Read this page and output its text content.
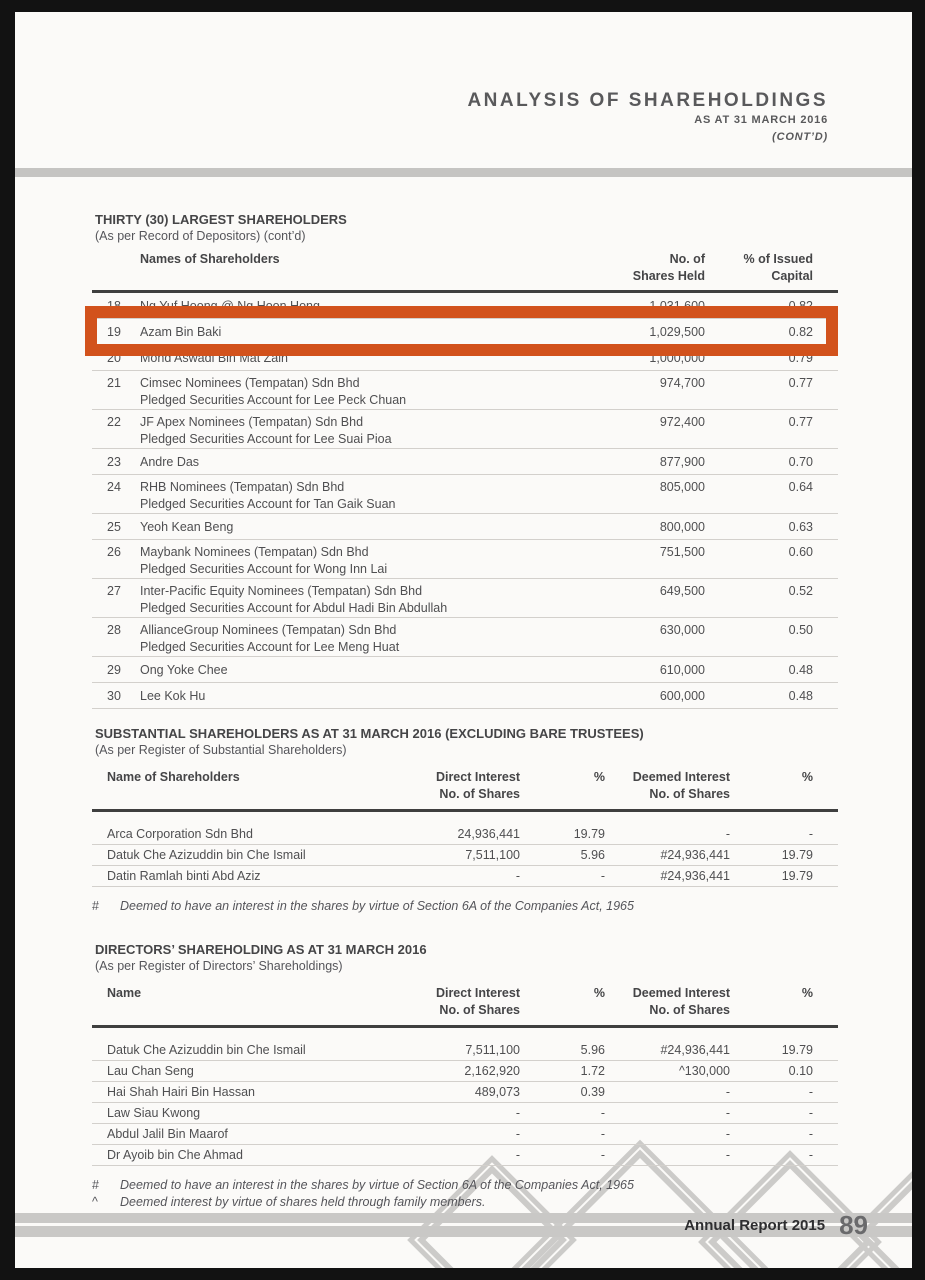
ANALYSIS OF SHAREHOLDINGS
AS AT 31 MARCH 2016
(CONT’D)
THIRTY (30) LARGEST SHAREHOLDERS
(As per Record of Depositors) (cont’d)
Names of Shareholders	No. of
Shares Held
% of Issued
Capital
18	Ng Yuf Hoong @ Ng Hoon Hong	1,031,600	0.82
19	Azam Bin Baki	1,029,500	0.82
20	Mohd Aswadi Bin Mat Zain	1,000,000	0.79
21	Cimsec Nominees (Tempatan) Sdn Bhd
Pledged Securities Account for Lee Peck Chuan
974,700	0.77
22	JF Apex Nominees (Tempatan) Sdn Bhd
Pledged Securities Account for Lee Suai Pioa
972,400	0.77
23	Andre Das	877,900	0.70
24	RHB Nominees (Tempatan) Sdn Bhd
Pledged Securities Account for Tan Gaik Suan
805,000	0.64
25	Yeoh Kean Beng	800,000	0.63
26	Maybank Nominees (Tempatan) Sdn Bhd
Pledged Securities Account for Wong Inn Lai
751,500	0.60
27	Inter-Pacific Equity Nominees (Tempatan) Sdn Bhd
Pledged Securities Account for Abdul Hadi Bin Abdullah
649,500	0.52
28	AllianceGroup Nominees (Tempatan) Sdn Bhd
Pledged Securities Account for Lee Meng Huat
630,000	0.50
29	Ong Yoke Chee	610,000	0.48
30	Lee Kok Hu	600,000	0.48
SUBSTANTIAL SHAREHOLDERS AS AT 31 MARCH 2016 (EXCLUDING BARE TRUSTEES)
(As per Register of Substantial Shareholders)
Name of Shareholders	Direct Interest
No. of Shares
%	Deemed Interest
No. of Shares
%
Arca Corporation Sdn Bhd	24,936,441	19.79	-	-
Datuk Che Azizuddin bin Che Ismail	7,511,100	5.96	#24,936,441	19.79
Datin Ramlah binti Abd Aziz	-	-	#24,936,441	19.79
#	Deemed to have an interest in the shares by virtue of Section 6A of the Companies Act, 1965
DIRECTORS’ SHAREHOLDING AS AT 31 MARCH 2016
(As per Register of Directors’ Shareholdings)
Name	Direct Interest
No. of Shares
%	Deemed Interest
No. of Shares
%
Datuk Che Azizuddin bin Che Ismail	7,511,100	5.96	#24,936,441	19.79
Lau Chan Seng	2,162,920	1.72	^130,000	0.10
Hai Shah Hairi Bin Hassan	489,073	0.39	-	-
Law Siau Kwong	-	-	-	-
Abdul Jalil Bin Maarof	-	-	-	-
Dr Ayoib bin Che Ahmad	-	-	-	-
#	Deemed to have an interest in the shares by virtue of Section 6A of the Companies Act, 1965
^	Deemed interest by virtue of shares held through family members.
Annual Report 2015 89
